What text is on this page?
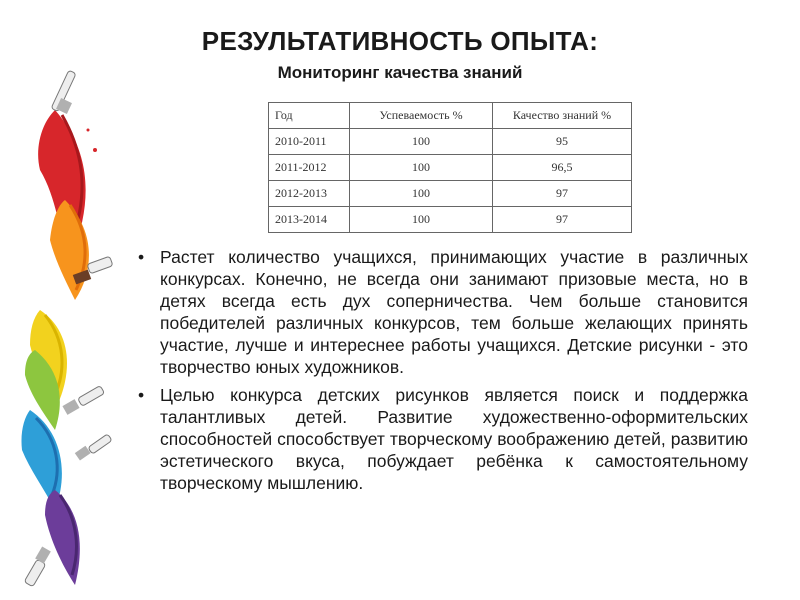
РЕЗУЛЬТАТИВНОСТЬ ОПЫТА:
Мониторинг качества знаний
Год	Успеваемость %	Качество знаний %
2010-2011	100	95
2011-2012	100	96,5
2012-2013	100	97
2013-2014	100	97
• Растет количество учащихся, принимающих участие в различных конкурсах. Конечно, не всегда они занимают призовые места, но в детях всегда есть дух соперничества. Чем больше становится победителей различных конкурсов, тем больше желающих принять участие, лучше и интереснее работы учащихся. Детские рисунки - это творчество юных художников.
• Целью конкурса детских рисунков является поиск и поддержка талантливых детей. Развитие художественно-оформительских способностей способствует творческому воображению детей, развитию эстетического вкуса, побуждает ребёнка к самостоятельному творческому мышлению.
